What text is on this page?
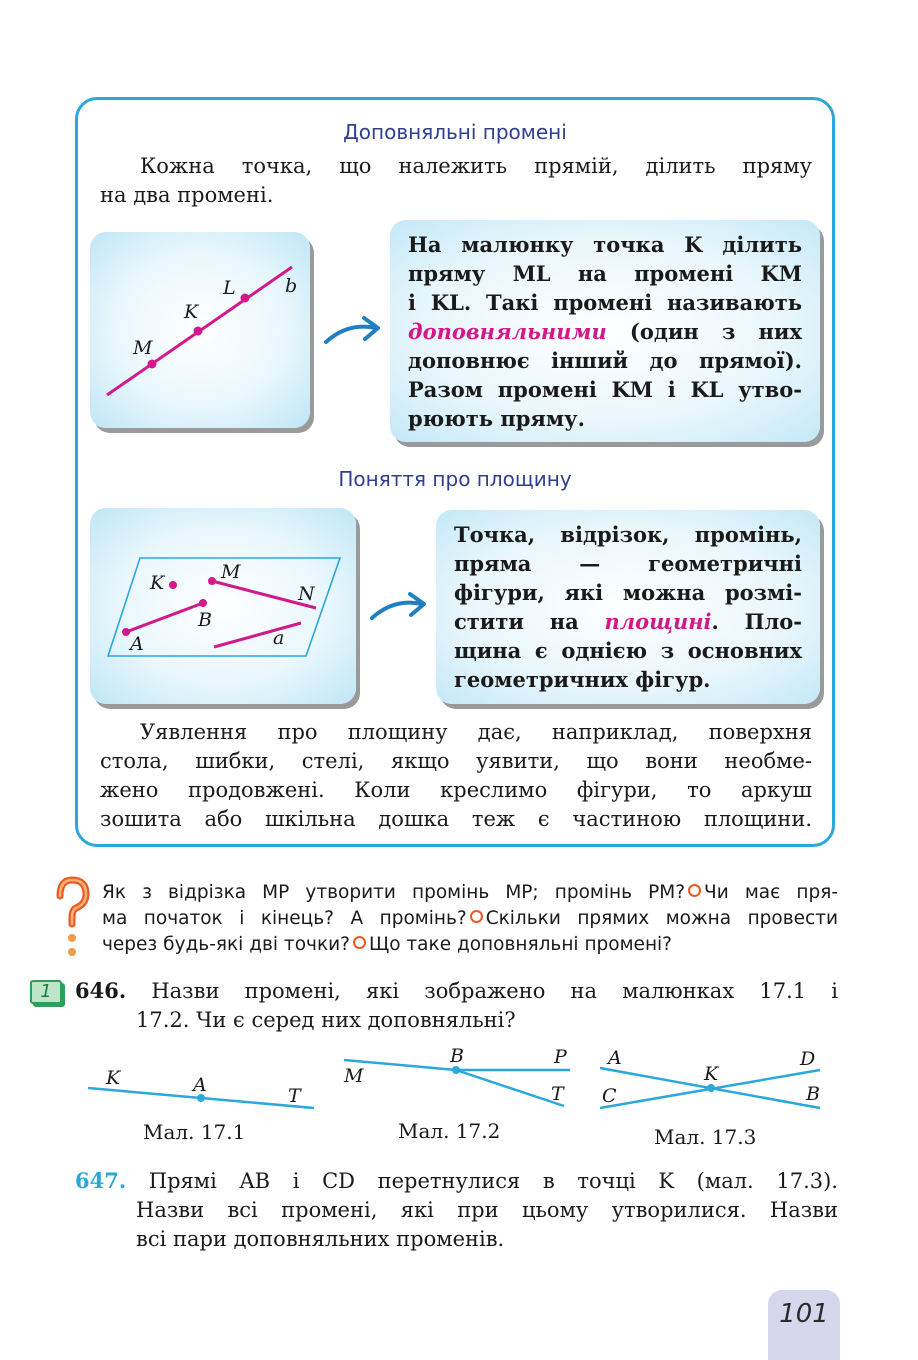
Доповняльні промені
Кожна точка, що належить прямій, ділить пряму
на два промені.
M
K
L	b
На малюнку точка K ділить
пряму ML на промені KM
і KL. Такі промені називають
доповняльними (один з них
доповнює інший до прямої).
Разом промені KM і KL утво-
рюють пряму.
Поняття про площину
K	M
N
B
A	a
Точка, відрізок, промінь,
пряма — геометричні
фігури, які можна розмі-
стити на площині. Пло-
щина є однією з основних
геометричних фігур.
Уявлення про площину дає, наприклад, поверхня
стола, шибки, стелі, якщо уявити, що вони необме-
жено продовжені. Коли креслимо фігури, то аркуш
зошита або шкільна дошка теж є частиною площини.
Як з відрізка MP утворити промінь MP; промінь PM? Чи має пря-
ма початок і кінець? А промінь? Скільки прямих можна провести
через будь-які дві точки? Що таке доповняльні промені?
1	646. Назви промені, які зображено на малюнках 17.1 і
17.2. Чи є серед них доповняльні?
K	A	T
Мал. 17.1
M
B	P
T
Мал. 17.2
A	D
K
C	B
Мал. 17.3
647. Прямі AB і CD перетнулися в точці K (мал. 17.3).
Назви всі промені, які при цьому утворилися. Назви
всі пари доповняльних променів.
101
